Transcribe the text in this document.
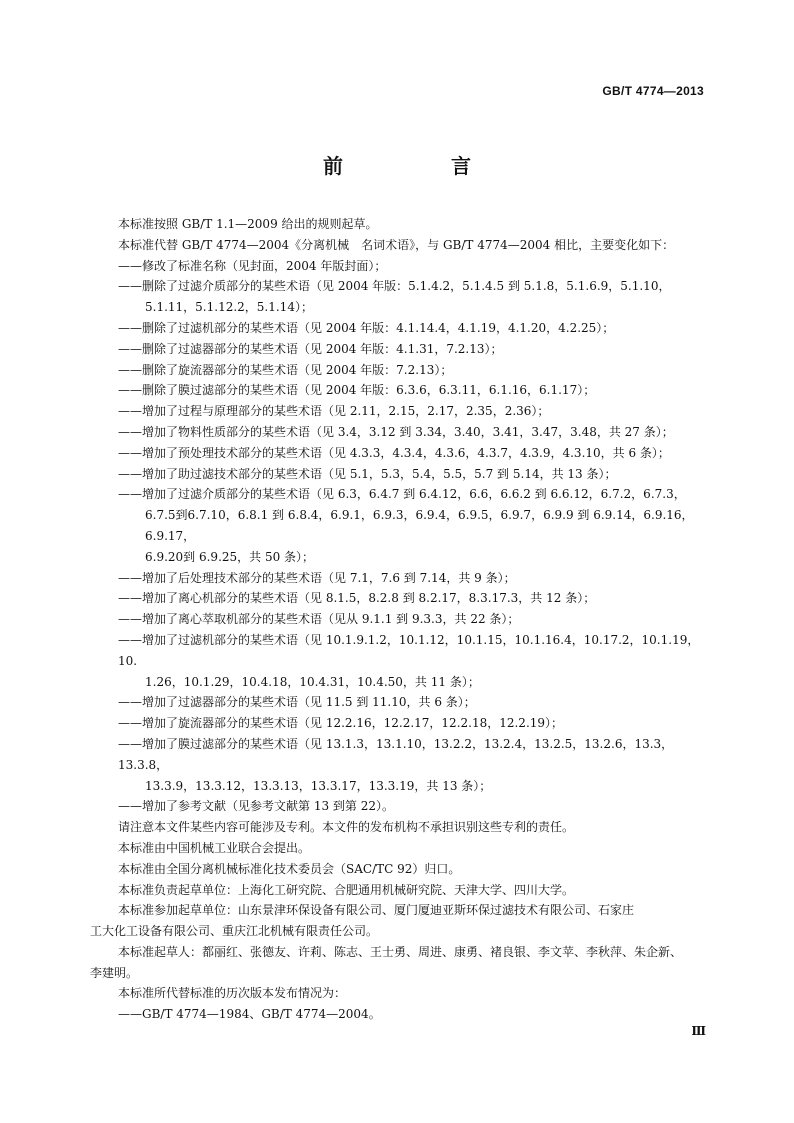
GB/T 4774—2013
前　言

本标准按照 GB/T 1.1—2009 给出的规则起草。

本标准代替 GB/T 4774—2004《分离机械　名词术语》，与 GB/T 4774—2004 相比，主要变化如下：

——修改了标准名称（见封面，2004 年版封面）；
——删除了过滤介质部分的某些术语（见 2004 年版：5.1.4.2，5.1.4.5 到 5.1.8，5.1.6.9，5.1.10，
5.1.11，5.1.12.2，5.1.14）；
——删除了过滤机部分的某些术语（见 2004 年版：4.1.14.4，4.1.19，4.1.20，4.2.25）；
——删除了过滤器部分的某些术语（见 2004 年版：4.1.31，7.2.13）；
——删除了旋流器部分的某些术语（见 2004 年版：7.2.13）；
——删除了膜过滤部分的某些术语（见 2004 年版：6.3.6，6.3.11，6.1.16，6.1.17）；
——增加了过程与原理部分的某些术语（见 2.11，2.15，2.17，2.35，2.36）；
——增加了物料性质部分的某些术语（见 3.4，3.12 到 3.34，3.40，3.41，3.47，3.48，共 27 条）；
——增加了预处理技术部分的某些术语（见 4.3.3，4.3.4，4.3.6，4.3.7，4.3.9，4.3.10，共 6 条）；
——增加了助过滤技术部分的某些术语（见 5.1，5.3，5.4，5.5，5.7 到 5.14，共 13 条）；
——增加了过滤介质部分的某些术语（见 6.3，6.4.7 到 6.4.12，6.6，6.6.2 到 6.6.12，6.7.2，6.7.3，
6.7.5到6.7.10，6.8.1 到 6.8.4，6.9.1，6.9.3，6.9.4，6.9.5，6.9.7，6.9.9 到 6.9.14，6.9.16，6.9.17，
6.9.20到 6.9.25，共 50 条）；
——增加了后处理技术部分的某些术语（见 7.1，7.6 到 7.14，共 9 条）；
——增加了离心机部分的某些术语（见 8.1.5，8.2.8 到 8.2.17，8.3.17.3，共 12 条）；
——增加了离心萃取机部分的某些术语（见从 9.1.1 到 9.3.3，共 22 条）；
——增加了过滤机部分的某些术语（见 10.1.9.1.2，10.1.12，10.1.15，10.1.16.4，10.17.2，10.1.19，10.
1.26，10.1.29，10.4.18，10.4.31，10.4.50，共 11 条）；
——增加了过滤器部分的某些术语（见 11.5 到 11.10，共 6 条）；
——增加了旋流器部分的某些术语（见 12.2.16，12.2.17，12.2.18，12.2.19）；
——增加了膜过滤部分的某些术语（见 13.1.3，13.1.10，13.2.2，13.2.4，13.2.5，13.2.6，13.3，13.3.8，
13.3.9，13.3.12，13.3.13，13.3.17，13.3.19，共 13 条）；
——增加了参考文献（见参考文献第 13 到第 22）。
请注意本文件某些内容可能涉及专利。本文件的发布机构不承担识别这些专利的责任。
本标准由中国机械工业联合会提出。
本标准由全国分离机械标准化技术委员会（SAC/TC 92）归口。
本标准负责起草单位：上海化工研究院、合肥通用机械研究院、天津大学、四川大学。
本标准参加起草单位：山东景津环保设备有限公司、厦门厦迪亚斯环保过滤技术有限公司、石家庄
工大化工设备有限公司、重庆江北机械有限责任公司。
本标准起草人：都丽红、张德友、许莉、陈志、王士勇、周进、康勇、褚良银、李文苹、李秋萍、朱企新、
李建明。
本标准所代替标准的历次版本发布情况为：

——GB/T 4774—1984、GB/T 4774—2004。

Ⅲ
